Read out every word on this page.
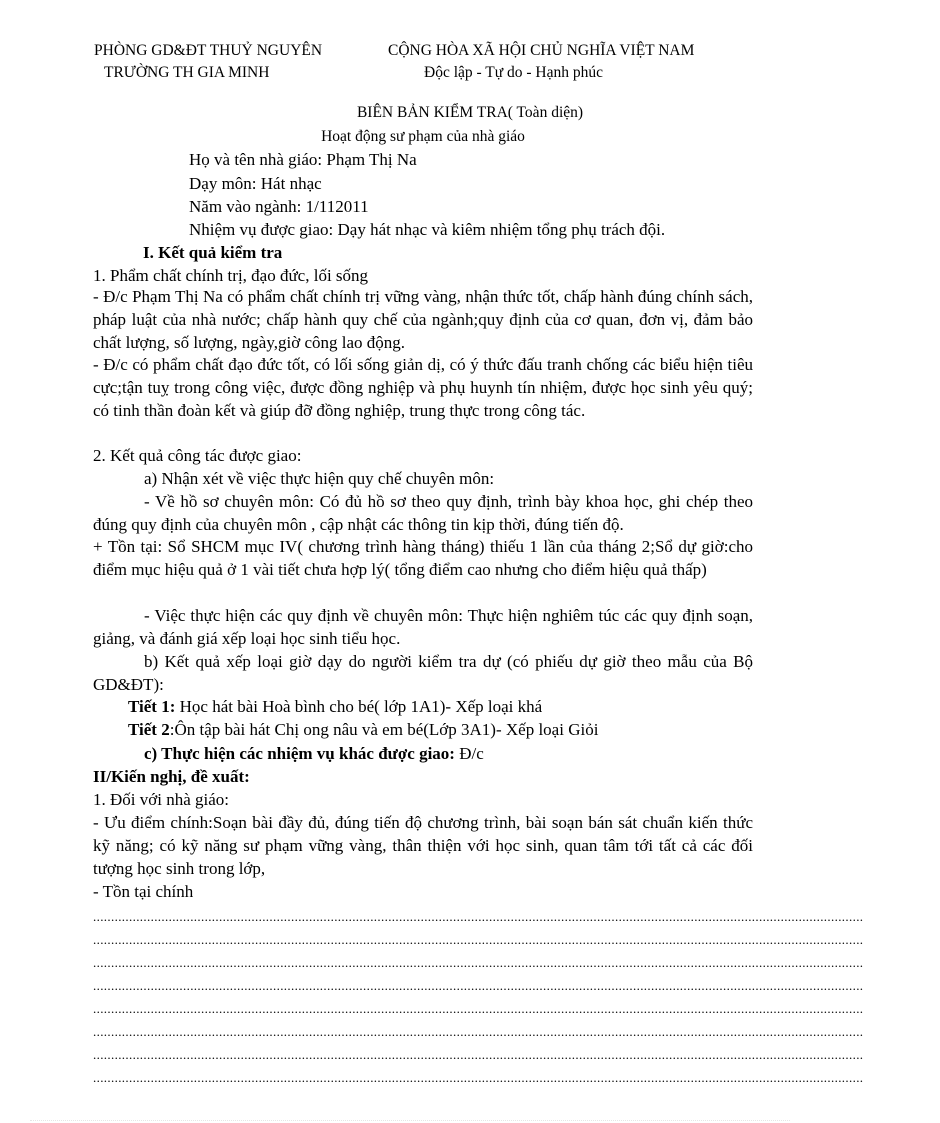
PHÒNG GD&ĐT THUỶ NGUYÊN
TRƯỜNG TH GIA MINH
CỘNG HÒA XÃ HỘI CHỦ NGHĨA VIỆT NAM
Độc lập - Tự do - Hạnh phúc
BIÊN BẢN KIỂM TRA( Toàn diện)
Hoạt động sư phạm của nhà giáo
Họ và tên nhà giáo: Phạm Thị Na
Dạy môn: Hát nhạc
Năm vào ngành: 1/112011
Nhiệm vụ được giao: Dạy hát nhạc và kiêm nhiệm tổng phụ trách đội.
I. Kết quả kiểm tra
1. Phẩm chất chính trị, đạo đức, lối sống
- Đ/c Phạm Thị Na có phẩm chất chính trị vững vàng, nhận thức tốt, chấp hành đúng chính sách, pháp luật của nhà nước; chấp hành quy chế của ngành;quy định của cơ quan, đơn vị, đảm bảo chất lượng, số lượng, ngày,giờ công lao động.
- Đ/c có phẩm chất đạo đức tốt, có lối sống giản dị, có ý thức đấu tranh chống các biểu hiện tiêu cực;tận tuỵ trong công việc, được đồng nghiệp và phụ huynh tín nhiệm, được học sinh yêu quý; có tinh thần đoàn kết và giúp đỡ đồng nghiệp, trung thực trong công tác.
2. Kết quả công tác được giao:
a) Nhận xét về việc thực hiện quy chế chuyên môn:
- Về hồ sơ chuyên môn: Có đủ hồ sơ theo quy định, trình bày khoa học, ghi chép theo đúng quy định của chuyên môn , cập nhật các thông tin kịp thời, đúng tiến độ.
+ Tồn tại: Sổ SHCM mục IV( chương trình hàng tháng) thiếu 1 lần của tháng 2;Sổ dự giờ:cho điểm mục hiệu quả ở 1 vài tiết chưa hợp lý( tổng điểm cao nhưng cho điểm hiệu quả thấp)
- Việc thực hiện các quy định về chuyên môn: Thực hiện nghiêm túc các quy định soạn, giảng, và đánh giá xếp loại học sinh tiểu học.
b) Kết quả xếp loại giờ dạy do người kiểm tra dự (có phiếu dự giờ theo mẫu của Bộ GD&ĐT):
Tiết 1: Học hát bài Hoà bình cho bé( lớp 1A1)- Xếp loại khá
Tiết 2:Ôn tập bài hát Chị ong nâu và em bé(Lớp 3A1)- Xếp loại Giỏi
c) Thực hiện các nhiệm vụ khác được giao: Đ/c
II/Kiến nghị, đề xuất:
1. Đối với nhà giáo:
- Ưu điểm chính:Soạn bài đầy đủ, đúng tiến độ chương trình, bài soạn bán sát chuẩn kiến thức kỹ năng; có kỹ năng sư phạm vững vàng, thân thiện với học sinh, quan tâm tới tất cả các đối tượng học sinh trong lớp,
- Tồn tại chính
......................................................................................................................................................................................................................
......................................................................................................................................................................................................................
......................................................................................................................................................................................................................
......................................................................................................................................................................................................................
......................................................................................................................................................................................................................
......................................................................................................................................................................................................................
......................................................................................................................................................................................................................
......................................................................................................................................................................................................................
